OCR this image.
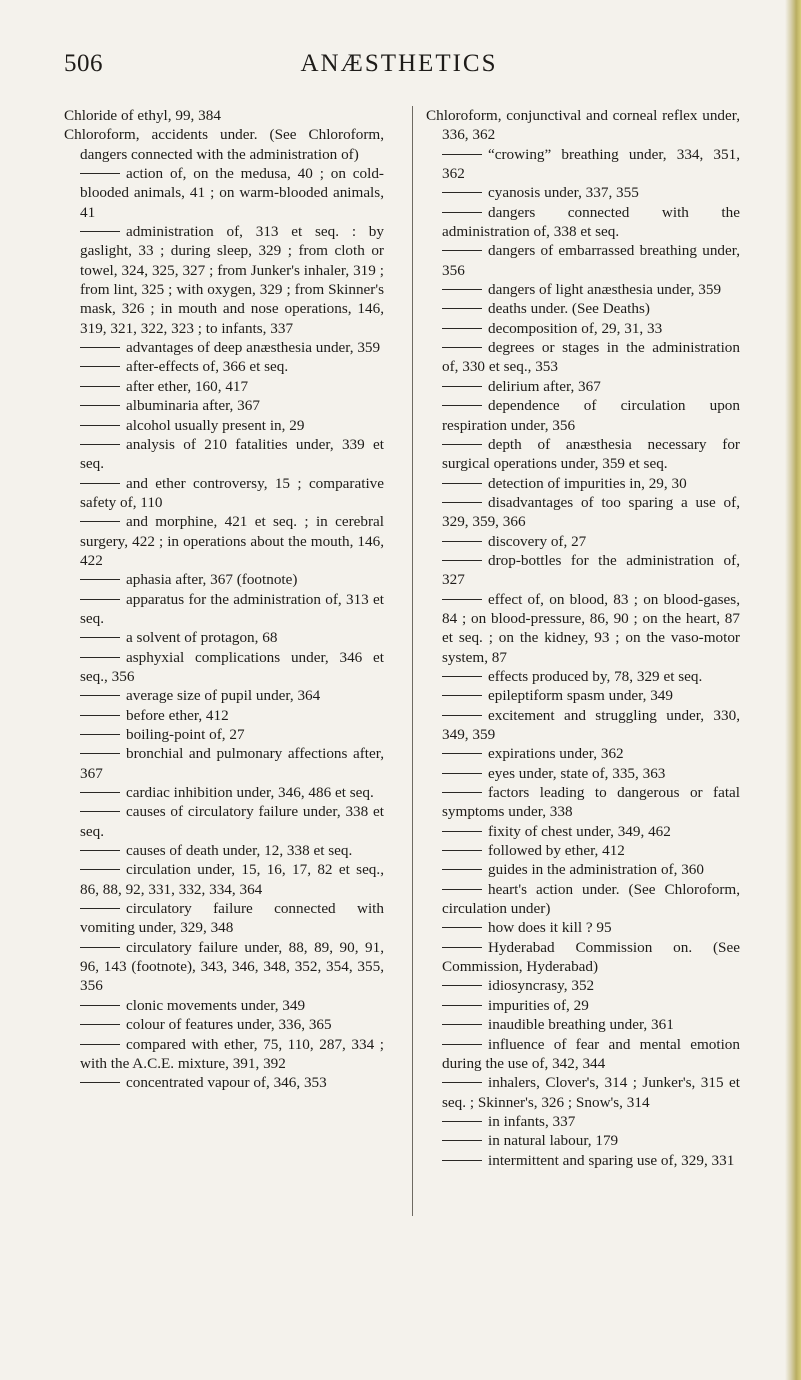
506	ANÆSTHETICS

Chloride of ethyl, 99, 384

Chloroform, accidents under. (See Chloroform, dangers connected with the administration of)

action of, on the medusa, 40 ; on cold-blooded animals, 41 ; on warm-blooded animals, 41

administration of, 313 et seq. : by gaslight, 33 ; during sleep, 329 ; from cloth or towel, 324, 325, 327 ; from Junker's inhaler, 319 ; from lint, 325 ; with oxygen, 329 ; from Skinner's mask, 326 ; in mouth and nose operations, 146, 319, 321, 322, 323 ; to infants, 337

advantages of deep anæsthesia under, 359

after-effects of, 366 et seq.

after ether, 160, 417

albuminaria after, 367

alcohol usually present in, 29

analysis of 210 fatalities under, 339 et seq.

and ether controversy, 15 ; comparative safety of, 110

and morphine, 421 et seq. ; in cerebral surgery, 422 ; in operations about the mouth, 146, 422

aphasia after, 367 (footnote)

apparatus for the administration of, 313 et seq.

a solvent of protagon, 68

asphyxial complications under, 346 et seq., 356

average size of pupil under, 364

before ether, 412

boiling-point of, 27

bronchial and pulmonary affections after, 367

cardiac inhibition under, 346, 486 et seq.

causes of circulatory failure under, 338 et seq.

causes of death under, 12, 338 et seq.

circulation under, 15, 16, 17, 82 et seq., 86, 88, 92, 331, 332, 334, 364

circulatory failure connected with vomiting under, 329, 348

circulatory failure under, 88, 89, 90, 91, 96, 143 (footnote), 343, 346, 348, 352, 354, 355, 356

clonic movements under, 349

colour of features under, 336, 365

compared with ether, 75, 110, 287, 334 ; with the A.C.E. mixture, 391, 392

concentrated vapour of, 346, 353

Chloroform, conjunctival and corneal reflex under, 336, 362

“crowing” breathing under, 334, 351, 362

cyanosis under, 337, 355

dangers connected with the administration of, 338 et seq.

dangers of embarrassed breathing under, 356

dangers of light anæsthesia under, 359

deaths under. (See Deaths)

decomposition of, 29, 31, 33

degrees or stages in the administration of, 330 et seq., 353

delirium after, 367

dependence of circulation upon respiration under, 356

depth of anæsthesia necessary for surgical operations under, 359 et seq.

detection of impurities in, 29, 30

disadvantages of too sparing a use of, 329, 359, 366

discovery of, 27

drop-bottles for the administration of, 327

effect of, on blood, 83 ; on blood-gases, 84 ; on blood-pressure, 86, 90 ; on the heart, 87 et seq. ; on the kidney, 93 ; on the vaso-motor system, 87

effects produced by, 78, 329 et seq.

epileptiform spasm under, 349

excitement and struggling under, 330, 349, 359

expirations under, 362

eyes under, state of, 335, 363

factors leading to dangerous or fatal symptoms under, 338

fixity of chest under, 349, 462

followed by ether, 412

guides in the administration of, 360

heart's action under. (See Chloroform, circulation under)

how does it kill ? 95

Hyderabad Commission on. (See Commission, Hyderabad)

idiosyncrasy, 352

impurities of, 29

inaudible breathing under, 361

influence of fear and mental emotion during the use of, 342, 344

inhalers, Clover's, 314 ; Junker's, 315 et seq. ; Skinner's, 326 ; Snow's, 314

in infants, 337

in natural labour, 179

intermittent and sparing use of, 329, 331
